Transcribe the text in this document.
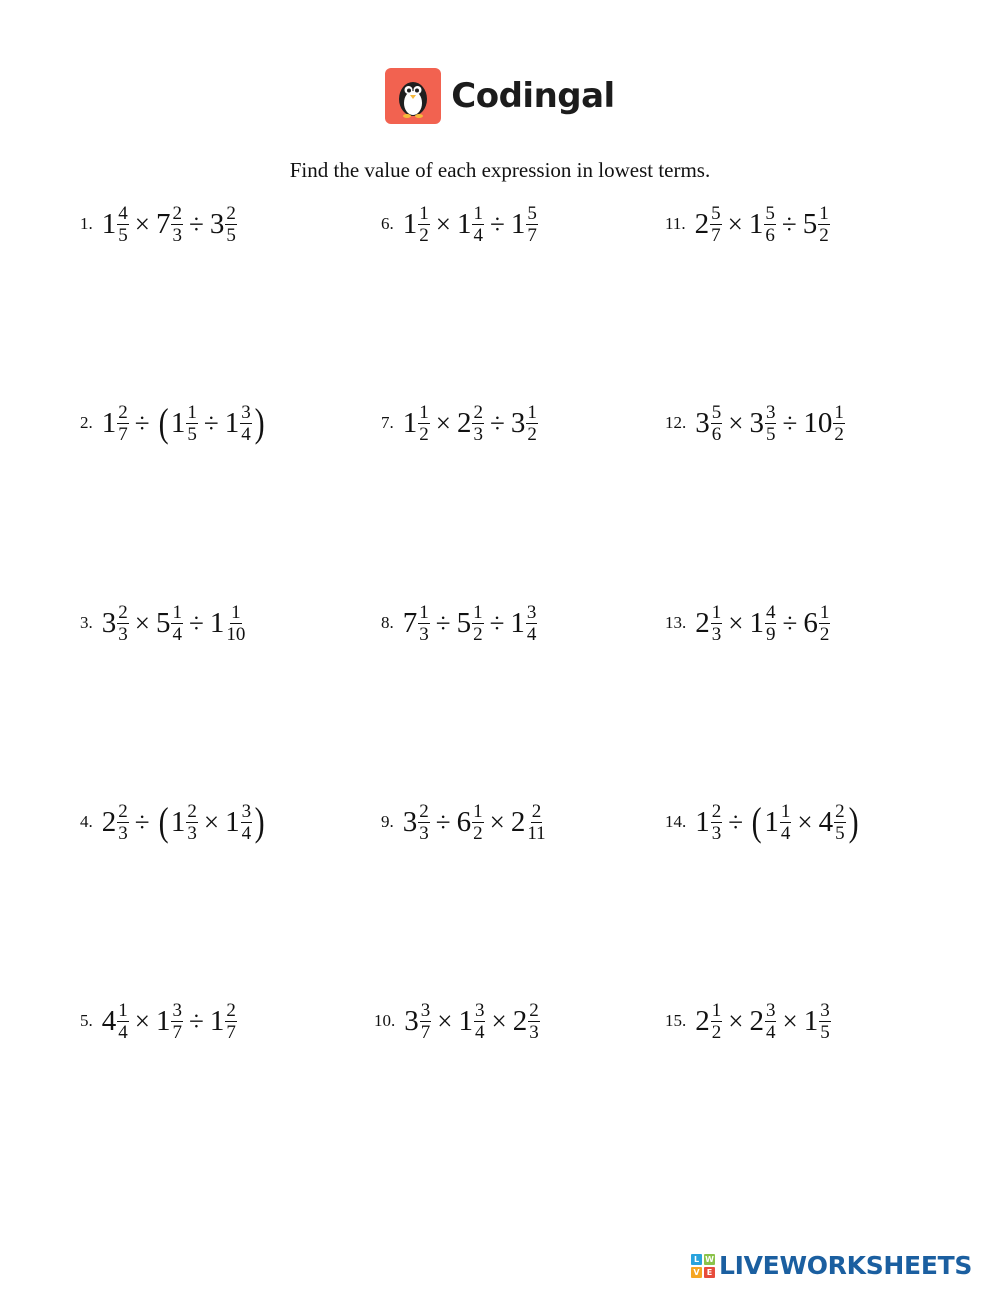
Codingal
Find the value of each expression in lowest terms.
1. $1 \frac{4}{5} \times 7 \frac{2}{3} \div 3 \frac{2}{5}$
2. $1 \frac{2}{7}$ ÷ ( $1 \frac{1}{5} \div 1 \frac{3}{4}$ )
3. $3 \frac{2}{3} \times 5 \frac{1}{4} \div 1 \frac{1}{10}$
4. $2 \frac{2}{3}$ ÷ ( $1 \frac{2}{3} \times 1 \frac{3}{4}$ )
5. $4 \frac{1}{4} \times 1 \frac{3}{7} \div 1 \frac{2}{7}$
6. $1 \frac{1}{2} \times 1 \frac{1}{4} \div 1 \frac{5}{7}$
7. $1 \frac{1}{2} \times 2 \frac{2}{3} \div 3 \frac{1}{2}$
8. $7 \frac{1}{3} \div 5 \frac{1}{2} \div 1 \frac{3}{4}$
9. $3 \frac{2}{3} \div 6 \frac{1}{2} \times 2 \frac{2}{11}$
10. $3 \frac{3}{7} \times 1 \frac{3}{4} \times 2 \frac{2}{3}$
11. $2 \frac{5}{7} \times 1 \frac{5}{6} \div 5 \frac{1}{2}$
12. $3 \frac{5}{6} \times 3 \frac{3}{5} \div 10 \frac{1}{2}$
13. $2 \frac{1}{3} \times 1 \frac{4}{9} \div 6 \frac{1}{2}$
14. $1 \frac{2}{3}$ ÷ ( $1 \frac{1}{4} \times 4 \frac{2}{5}$ )
15. $2 \frac{1}{2} \times 2 \frac{3}{4} \times 1 \frac{3}{5}$
L W
V E LIVEWORKSHEETS
